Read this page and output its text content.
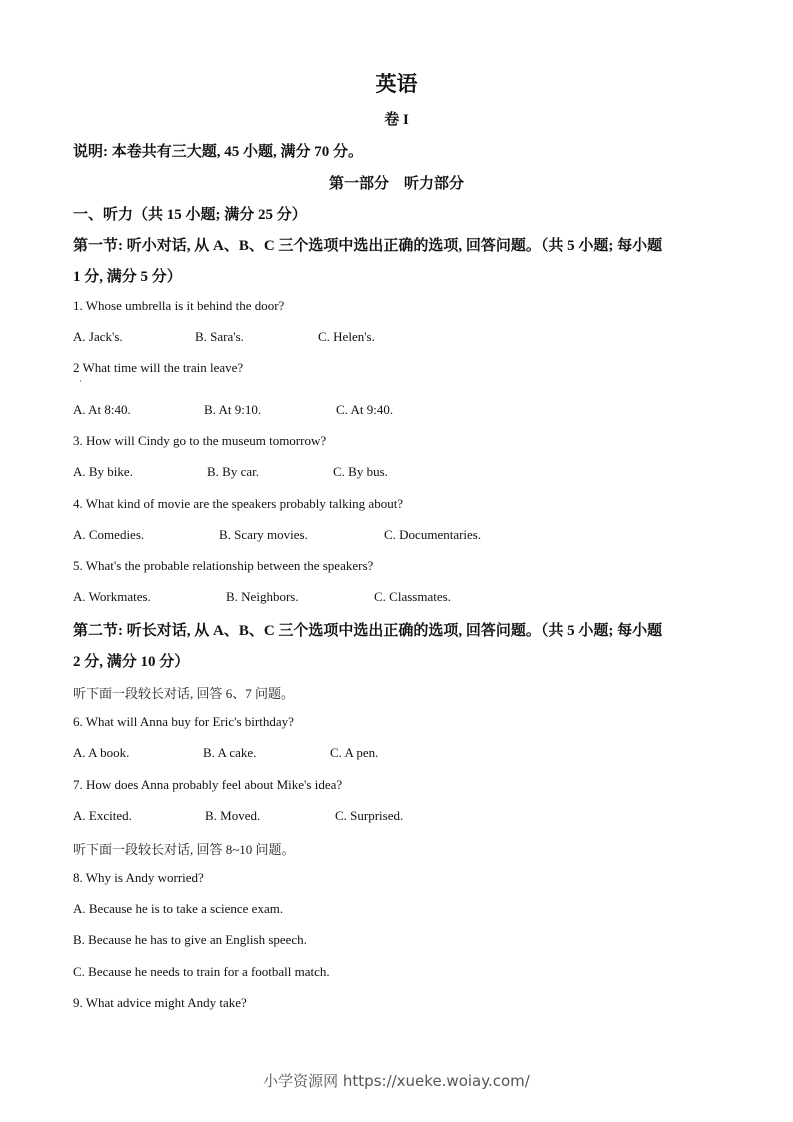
英语
卷 I
说明: 本卷共有三大题, 45 小题, 满分 70 分。
第一部分　听力部分
一、听力（共 15 小题; 满分 25 分）
第一节: 听小对话, 从 A、B、C 三个选项中选出正确的选项, 回答问题。（共 5 小题; 每小题
1 分, 满分 5 分）
1. Whose umbrella is it behind the door?
A. Jack's.	B. Sara's.	C. Helen's.
2 What time will the train leave?
A. At 8:40.	B. At 9:10.	C. At 9:40.
3. How will Cindy go to the museum tomorrow?
A. By bike.	B. By car.	C. By bus.
4. What kind of movie are the speakers probably talking about?
A. Comedies.	B. Scary movies.	C. Documentaries.
5. What's the probable relationship between the speakers?
A. Workmates.	B. Neighbors.	C. Classmates.
第二节: 听长对话, 从 A、B、C 三个选项中选出正确的选项, 回答问题。（共 5 小题; 每小题
2 分, 满分 10 分）
听下面一段较长对话, 回答 6、7 问题。
6. What will Anna buy for Eric's birthday?
A. A book.	B. A cake.	C. A pen.
7. How does Anna probably feel about Mike's idea?
A. Excited.	B. Moved.	C. Surprised.
听下面一段较长对话, 回答 8~10 问题。
8. Why is Andy worried?
A. Because he is to take a science exam.
B. Because he has to give an English speech.
C. Because he needs to train for a football match.
9. What advice might Andy take?
小学资源网 https://xueke.woiay.com/
